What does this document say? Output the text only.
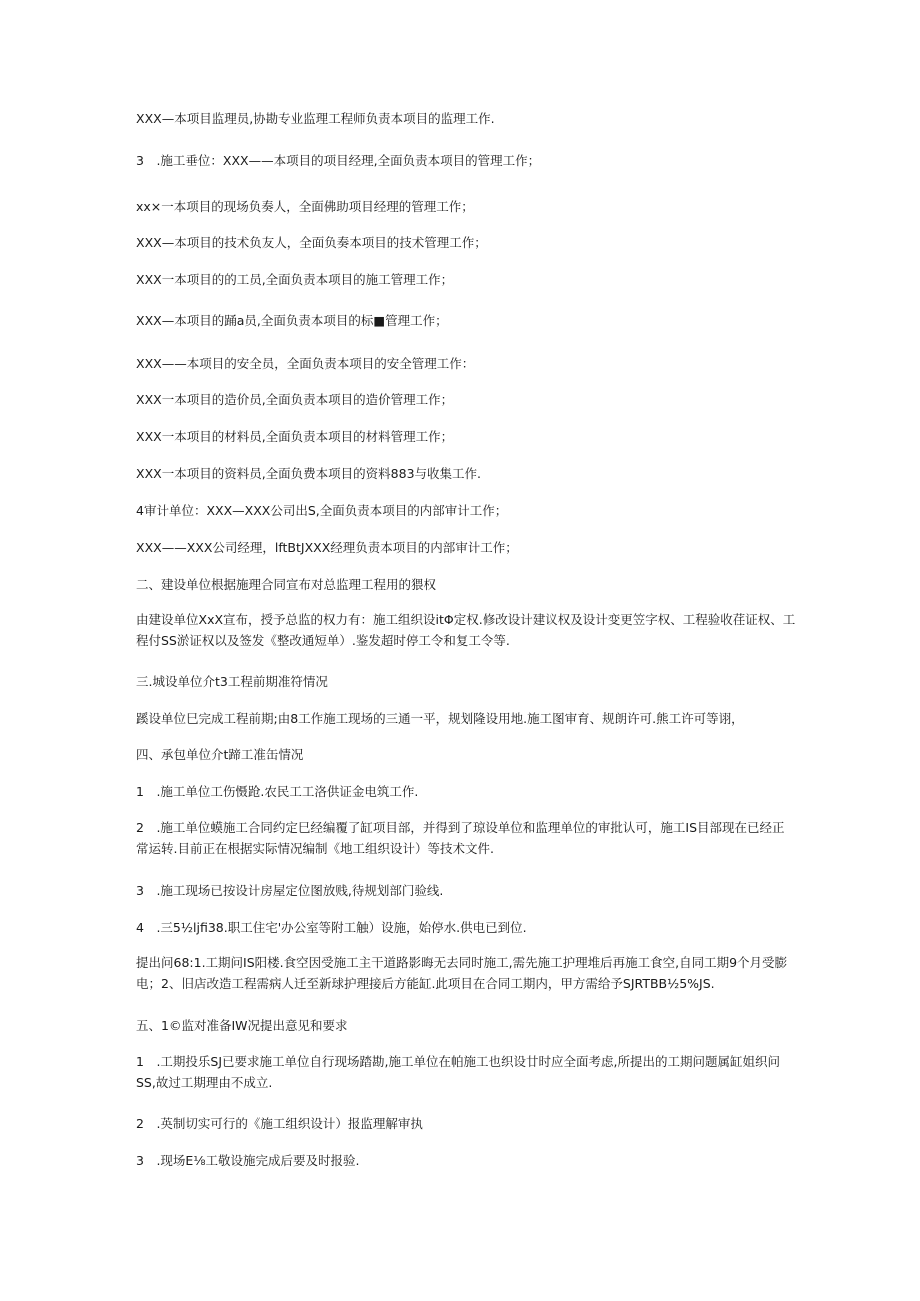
XXX—本项目监理员,协勘专业监理工程师负责本项目的监理工作.
3　.施工垂位：XXX——本项目的项目经理,全面负责本项目的管理工作；
xx×一本项目的现场负奏人，全面佛助项目经理的管理工作；
XXX—本项目的技术负友人，全面负奏本项目的技术管理工作；
XXX一本项目的的工员,全面负责本项目的施工管理工作；
XXX—本项目的踊a员,全面负责本项目的标■管理工作；
XXX——本项目的安全员，全面负责本项目的安全管理工作：
XXX一本项目的造价员,全面负责本项目的造价管理工作；
XXX一本项目的材料员,全面负责本项目的材料管理工作；
XXX一本项目的资料员,全面负费本项目的资料883与收集工作.
4审计单位：XXX—XXX公司出S,全面负责本项目的内部审计工作；
XXX——XXX公司经理，lftBtJXXX经理负责本项目的内部审计工作；
二、建设单位根据施理合同宣布对总监理工程用的猥权
由建设单位XxX宣布，授予总监的权力有：施工组织设itΦ定权.修改设计建议权及设计变更笠字权、工程验收荏证权、工程付SS淤证权以及签发《整改通短单）.鉴发超时停工令和复工令等.
三.城设单位介t3工程前期准符情况
蹊设单位巳完成工程前期;由8工作施工现场的三通一平，规划隆设用地.施工图审育、规朗许可.熊工许可等诩，
四、承包单位介t蹄工准缶情况
1　.施工单位工伤慑跄.农民工工洛供证金电筑工作.
2　.施工单位蟆施工合同约定巳经编覆了缸项目部，并得到了琼设单位和监理单位的审批认可，施工IS目部现在已经正常运转.目前正在根据实际情况编制《地工组织设计）等技术文件.
3　.施工现场已按设计房屋定位图放贱,待规划部门验线.
4　.三5½ljfi38.职工住宅'办公室等附工触）设施，始停水.供电已到位.
提出问68:1.工期问IS阳楼.食空因受施工主干道路影晦无去同时施工,需先施工护理堆后再施工食空,自同工期9个月受膨电；2、旧店改造工程需病人迁至新球护理接后方能缸.此项目在合同工期内，甲方需给予SJRTBB½5%JS.
五、1©监对准备IW况提出意见和要求
1　.工期投乐SJ已要求施工单位自行现场踏勘,施工单位在帕施工也织设廿时应全面考虑,所提出的工期问题属缸姐织问SS,故过工期理由不成立.
2　.英制切实可行的《施工组织设计）报监理解审执
3　.现场E⅛工敬设施完成后要及时报验.
